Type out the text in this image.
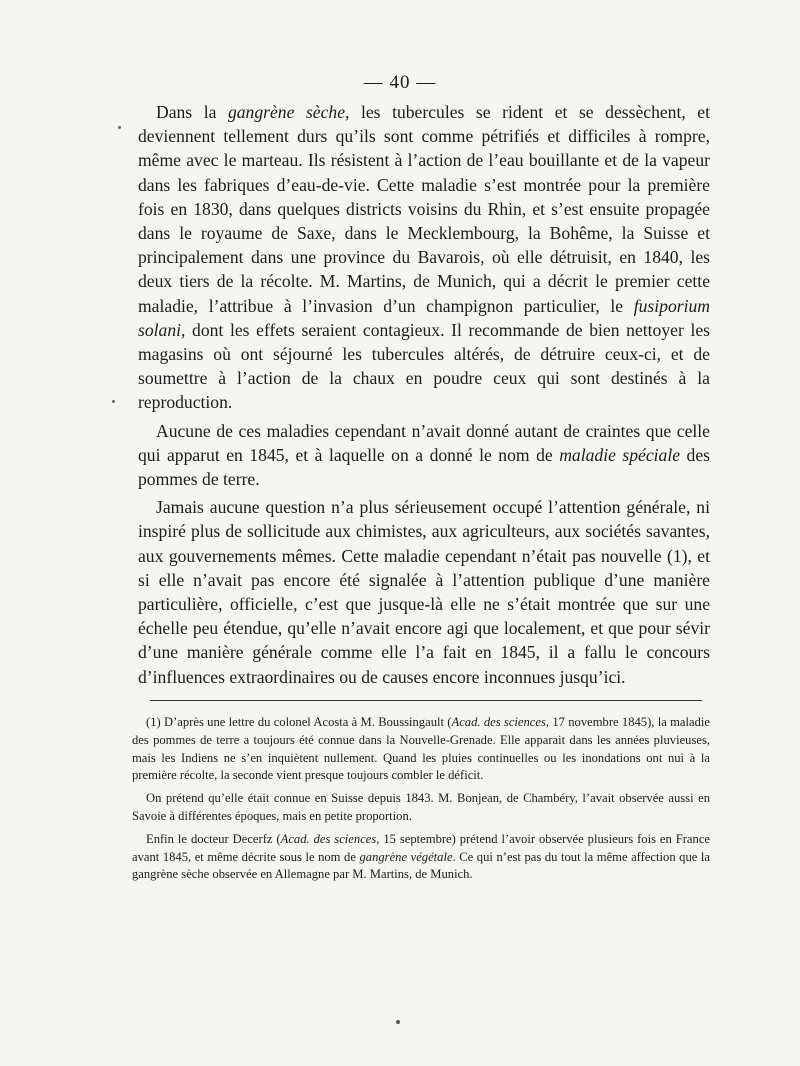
— 40 —

Dans la gangrène sèche, les tubercules se rident et se dessèchent, et deviennent tellement durs qu’ils sont comme pétrifiés et difficiles à rompre, même avec le marteau. Ils résistent à l’action de l’eau bouillante et de la vapeur dans les fabriques d’eau-de-vie. Cette maladie s’est montrée pour la première fois en 1830, dans quelques districts voisins du Rhin, et s’est ensuite propagée dans le royaume de Saxe, dans le Mecklembourg, la Bohême, la Suisse et principalement dans une province du Bavarois, où elle détruisit, en 1840, les deux tiers de la récolte. M. Martins, de Munich, qui a décrit le premier cette maladie, l’attribue à l’invasion d’un champignon particulier, le fusiporium solani, dont les effets seraient contagieux. Il recommande de bien nettoyer les magasins où ont séjourné les tubercules altérés, de détruire ceux-ci, et de soumettre à l’action de la chaux en poudre ceux qui sont destinés à la reproduction.

Aucune de ces maladies cependant n’avait donné autant de craintes que celle qui apparut en 1845, et à laquelle on a donné le nom de maladie spéciale des pommes de terre.

Jamais aucune question n’a plus sérieusement occupé l’attention générale, ni inspiré plus de sollicitude aux chimistes, aux agriculteurs, aux sociétés savantes, aux gouvernements mêmes. Cette maladie cependant n’était pas nouvelle (1), et si elle n’avait pas encore été signalée à l’attention publique d’une manière particulière, officielle, c’est que jusque-là elle ne s’était montrée que sur une échelle peu étendue, qu’elle n’avait encore agi que localement, et que pour sévir d’une manière générale comme elle l’a fait en 1845, il a fallu le concours d’influences extraordinaires ou de causes encore inconnues jusqu’ici.

(1) D’après une lettre du colonel Acosta à M. Boussingault (Acad. des sciences, 17 novembre 1845), la maladie des pommes de terre a toujours été connue dans la Nouvelle-Grenade. Elle apparait dans les années pluvieuses, mais les Indiens ne s’en inquiètent nullement. Quand les pluies continuelles ou les inondations ont nui à la première récolte, la seconde vient presque toujours combler le déficit.

On prétend qu’elle était connue en Suisse depuis 1843. M. Bonjean, de Chambéry, l’avait observée aussi en Savoie à différentes époques, mais en petite proportion.

Enfin le docteur Decerfz (Acad. des sciences, 15 septembre) prétend l’avoir observée plusieurs fois en France avant 1845, et même décrite sous le nom de gangrène végétale. Ce qui n’est pas du tout la même affection que la gangrène sèche observée en Allemagne par M. Martins, de Munich.
